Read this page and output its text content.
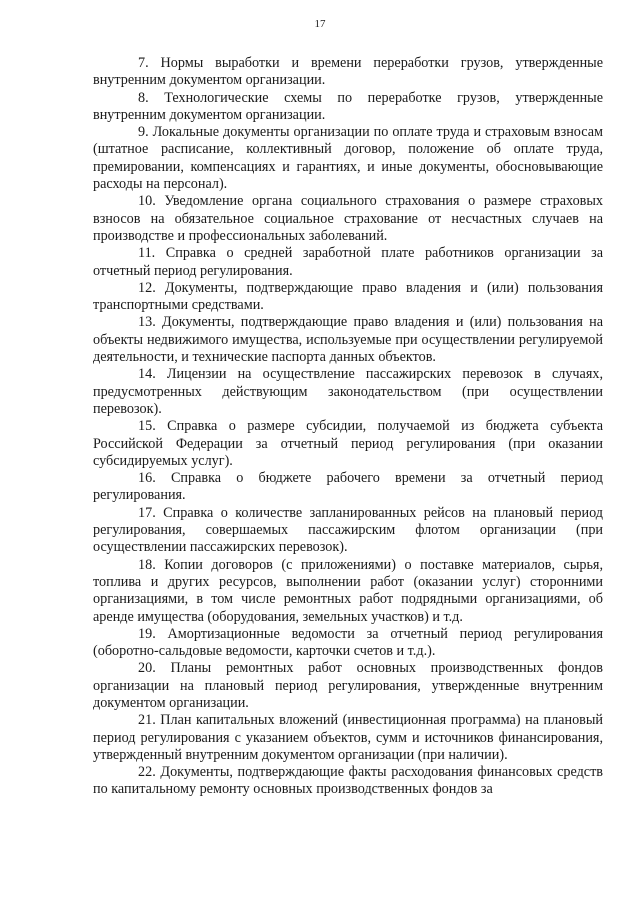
17

7. Нормы выработки и времени переработки грузов, утвержденные внутренним документом организации.

8. Технологические схемы по переработке грузов, утвержденные внутренним документом организации.

9. Локальные документы организации по оплате труда и страховым взносам (штатное расписание, коллективный договор, положение об оплате труда, премировании, компенсациях и гарантиях, и иные документы, обосновывающие расходы на персонал).

10. Уведомление органа социального страхования о размере страховых взносов на обязательное социальное страхование от несчастных случаев на производстве и профессиональных заболеваний.

11. Справка о средней заработной плате работников организации за отчетный период регулирования.

12. Документы, подтверждающие право владения и (или) пользования транспортными средствами.

13. Документы, подтверждающие право владения и (или) пользования на объекты недвижимого имущества, используемые при осуществлении регулируемой деятельности, и технические паспорта данных объектов.

14. Лицензии на осуществление пассажирских перевозок в случаях, предусмотренных действующим законодательством (при осуществлении перевозок).

15. Справка о размере субсидии, получаемой из бюджета субъекта Российской Федерации за отчетный период регулирования (при оказании субсидируемых услуг).

16. Справка о бюджете рабочего времени за отчетный период регулирования.

17. Справка о количестве запланированных рейсов на плановый период регулирования, совершаемых пассажирским флотом организации (при осуществлении пассажирских перевозок).

18. Копии договоров (с приложениями) о поставке материалов, сырья, топлива и других ресурсов, выполнении работ (оказании услуг) сторонними организациями, в том числе ремонтных работ подрядными организациями, об аренде имущества (оборудования, земельных участков) и т.д.

19. Амортизационные ведомости за отчетный период регулирования (оборотно-сальдовые ведомости, карточки счетов и т.д.).

20. Планы ремонтных работ основных производственных фондов организации на плановый период регулирования, утвержденные внутренним документом организации.

21. План капитальных вложений (инвестиционная программа) на плановый период регулирования с указанием объектов, сумм и источников финансирования, утвержденный внутренним документом организации (при наличии).

22. Документы, подтверждающие факты расходования финансовых средств по капитальному ремонту основных производственных фондов за
